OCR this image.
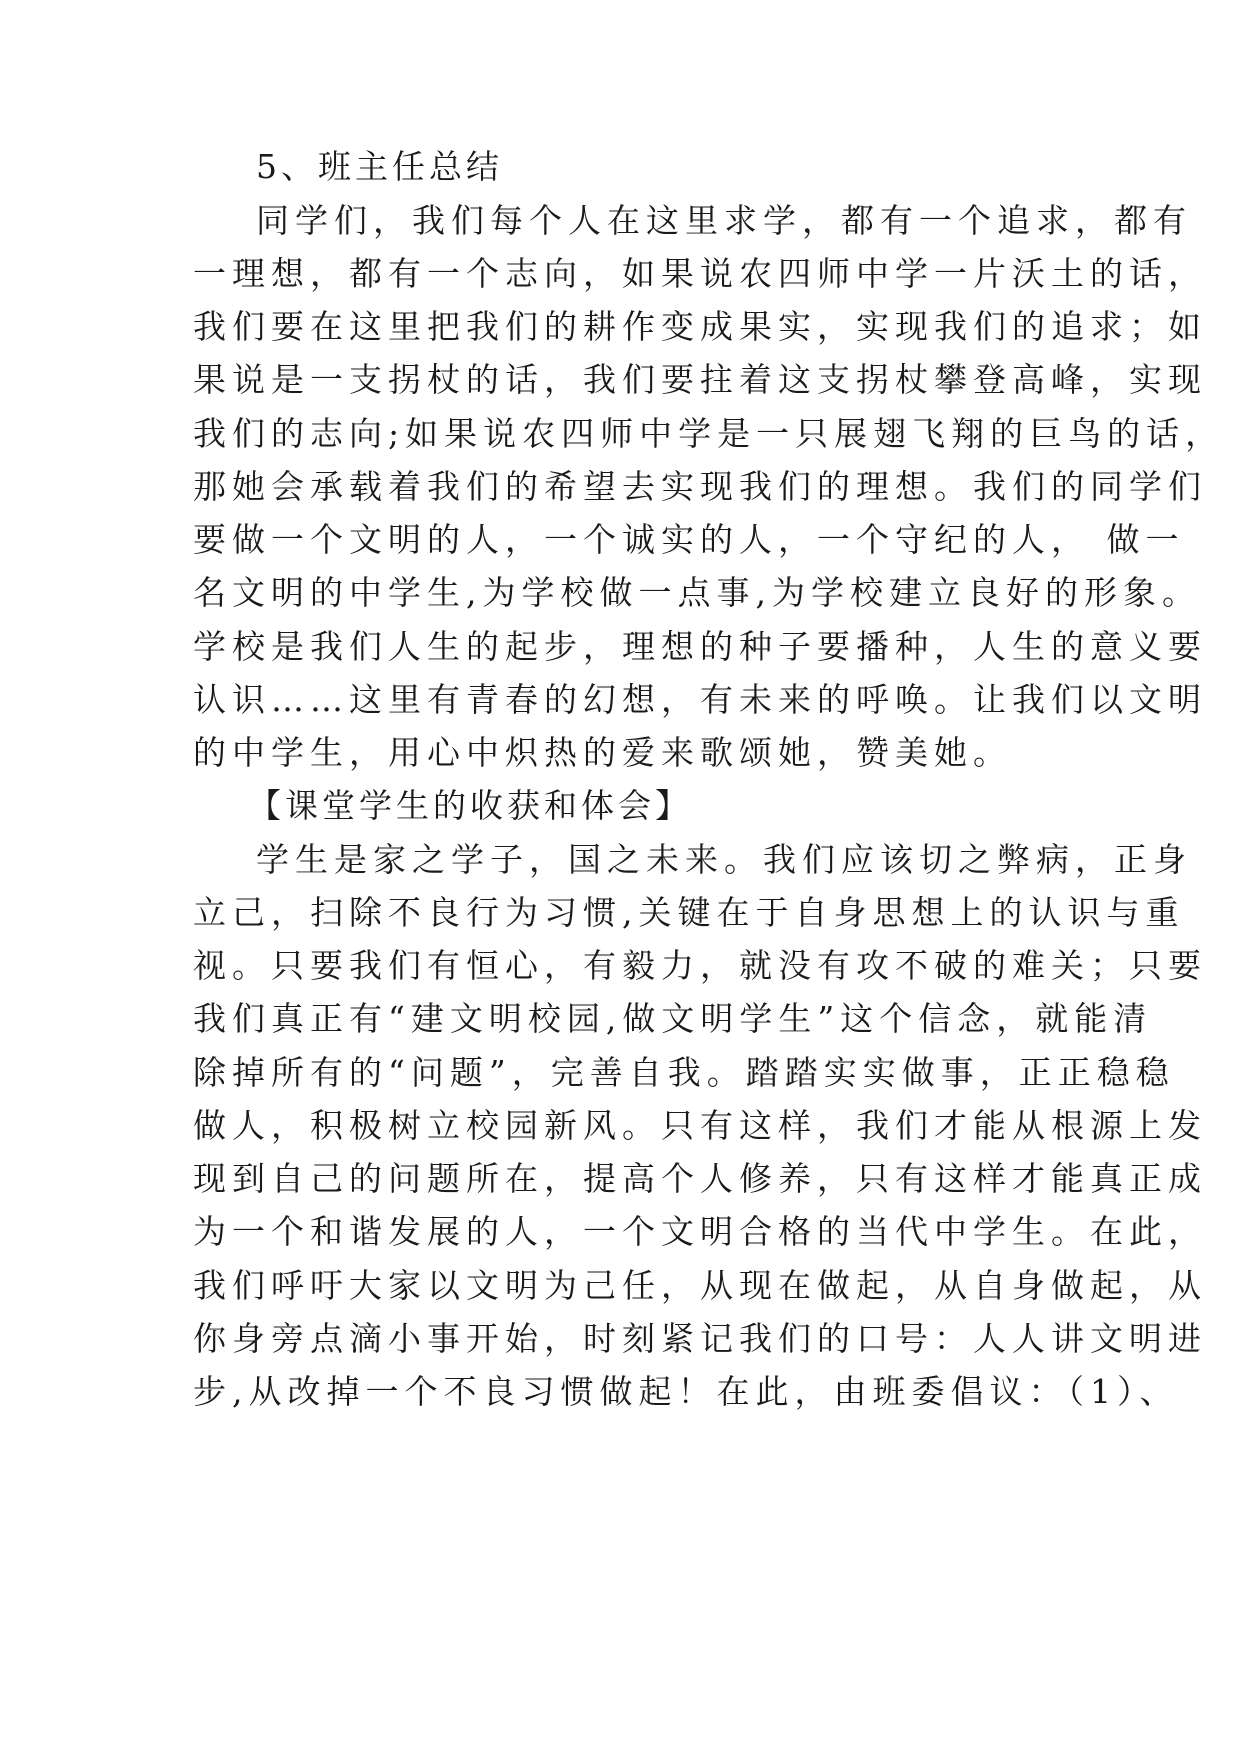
5、班主任总结
同学们，我们每个人在这里求学，都有一个追求，都有
一理想，都有一个志向，如果说农四师中学一片沃土的话，
我们要在这里把我们的耕作变成果实，实现我们的追求；如
果说是一支拐杖的话，我们要拄着这支拐杖攀登高峰，实现
我们的志向;如果说农四师中学是一只展翅飞翔的巨鸟的话，
那她会承载着我们的希望去实现我们的理想。我们的同学们
要做一个文明的人，一个诚实的人，一个守纪的人， 做一
名文明的中学生,为学校做一点事,为学校建立良好的形象。
学校是我们人生的起步，理想的种子要播种，人生的意义要
认识……这里有青春的幻想，有未来的呼唤。让我们以文明
的中学生，用心中炽热的爱来歌颂她，赞美她。
【课堂学生的收获和体会】
学生是家之学子，国之未来。我们应该切之弊病，正身
立己，扫除不良行为习惯,关键在于自身思想上的认识与重
视。只要我们有恒心，有毅力，就没有攻不破的难关；只要
我们真正有“建文明校园,做文明学生”这个信念，就能清
除掉所有的“问题”，完善自我。踏踏实实做事，正正稳稳
做人，积极树立校园新风。只有这样，我们才能从根源上发
现到自己的问题所在，提高个人修养，只有这样才能真正成
为一个和谐发展的人，一个文明合格的当代中学生。在此，
我们呼吁大家以文明为己任，从现在做起，从自身做起，从
你身旁点滴小事开始，时刻紧记我们的口号：人人讲文明进
步,从改掉一个不良习惯做起！在此，由班委倡议：（1）、
